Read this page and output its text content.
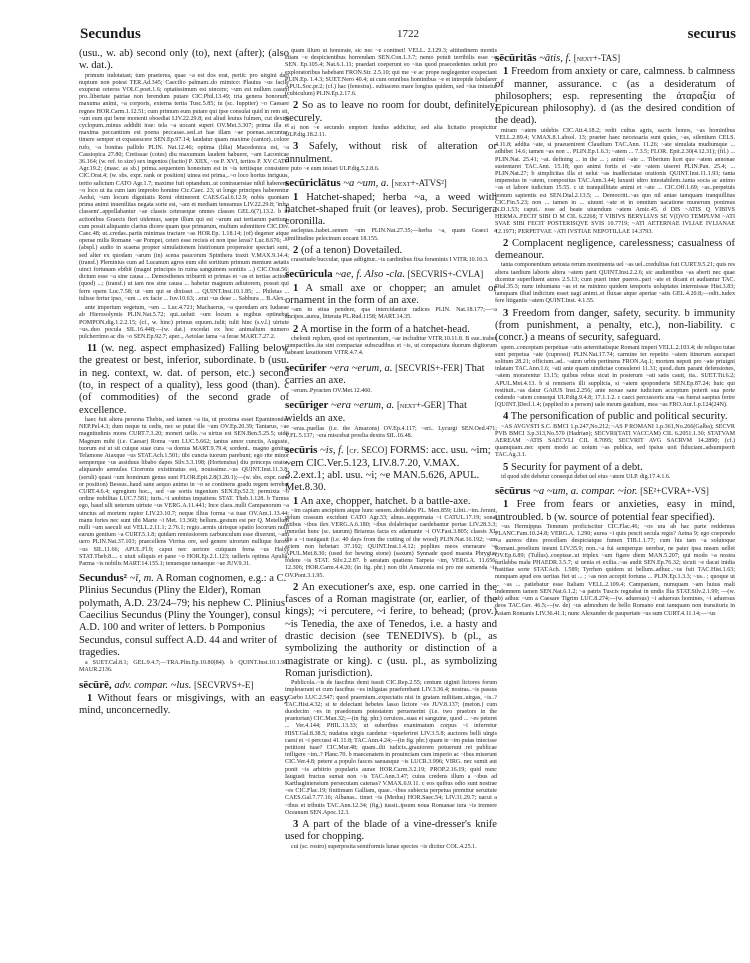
Secundus	1722	securus

(usu., w. ab) second only (to), next (after); (also w. dat.).

primum indotatast; tum praeterea, quae ~a est dos erat, periit: pro uirgini dari nuptum non potest TER.Ad.345; Caecilio palmam..do mimico: Plautus ~us facile exuperat ceteros VOLC.poet.1.6; optatissimum est uincere; ~um est nullum casum pro..libertate patriae non ferendum putare CIC.Phil.13.49; tria genera bonorum, maxuma animi, ~a corporis, externa tertia Tusc.5.85; tu (sc. Iuppiter) ~o Caesare regnes HOR.Carm.1.12.51; cum primum eum putare qui ipse consulat quid in rem sit, ~um eum qui bene monenti oboediat LIV.22.29.8; est aliud leuius fulmen, cui dextra cyclopum..minus addidit irae: tela ~a uocant superi OV.Met.3.307; prima illa et maxima peccantium est poena peccasse..sed..et hae illam ~ae poenae..secuntur, timere semper et expauescere SEN.Ep.97.14; laudatur quam maxime (cantor)..colore rufo, ~a bonitas pallido PLIN. Nat.12.46; optima (lilia) Macedonica est, ~a Cassiopica 27.80; Cretissae (cotes) diu maxumum laudem habuere, ~am Laconicae 36.164; (w. ref. to size) sex ingenios (facito) P. XIIX, ~os P. XVI, tertios P. XV CATO Agr.19.2; (masc. as sb.) prima..sequentem honestum est in ~is tertiisque consistere CIC.Orat.4; (w. sbs. expr. rank or position) uinea est prima,..~o loco hortus inriguus, tertio salictum CATO Agr.1.7; maxime fuit optandum..ut contrauersiae nihil haberent, ~o loco ut ita cum iam improbo homine Cic.Caec. 23; ut longe principes haberentur Aedui, ~um locum dignitatis Remi obtinerent CAES.Gal.6.12.9; nobis quoniam prima animi inuenilitas negata sorte est, ~am et mediam teneamus LIV.22.29.8; 'infra classem'..appellabantur ~ae classis ceteraeque omnes classes GEL.6(7).13.2. b in actionibus Graecis fieri uidemus, saepe illum qui est ~arum aut tertiarum partium, cum possit aliquanto clarius dicere quam ipse primarum, multum submittere CIC.Div. Caec.48; ut..credas..partis minimas tractare ~as HOR.Ep. 1.18.14; (of) degener atque operae milis Romane ~ae Pompei, ceteri esse recisis et non ipse leras? Luc.8.676; —(abspl.) audio in scaena propter simulationem histrionum propensior spectari sunt, sed alter ex quodam ~arum (in) scena paucorum Spinthera traxit V.MAX.9.14.4; (transf.) Pleminius cum ad Lucanum agros eum sibi sortitum primum mentum aetatis uinci fortunam ebibit (magni principes in ruina sanguinem sonitiis ...) CIC.Orat.56; dictum esse ~a sine causa ... Demosthenes tribuerit et primas et ~as et tertias actioni (quod) ...; (transf.) ut iam nos sine causa ... habetur magnum adiutorem, posset qui ferre opem Luc.7.58; ut ~um qui se dixisset ... QUINT.Inst.10.1.85; ... Philetas ... tulisse fertur ipso, ~um ... ex facie ... Iuv.10.63; ..erat ~us deae ... Sabbura ... B.Alex.

ante imperium vegetum, ~um ... Luc.4.721; Machaerus, ~a quondam arx Iudaeae ab Hierosolymis PLIN.Nat.5.72; qui..ueluti ~um locum a regibus optinebat POMPON.dig.1.2.2.15; (cf., w. hinc) primus equum..tulit; tulit hinc (s.v.l.) uirtute ~us..duo pocula SIL.16.448;—(w. dat.) excedat ex hoc animalium numero pulcherrimo ac dis ~o SEN.Ep.92.7; aper.., Aetolae fama ~a ferae MART.7.27.2.

11 (w. neg. aspect emphasized) Falling below the greatest or best, inferior, subordinate. b (usu. in neg. context, w. dat. of person, etc.) second (to, in respect of a quality), less good (than). c (of commodities) of the second grade of excellence.

haec fuit altera persona Thebis, sed tamen ~a ita, ut proxima esset Epaminondae NEP.Pel.4.3; dum neque tu cedis, nec se putat ille ~um OV.Ep.20.39; Tantarus, ~ae magnitudinis mons CURT.7.3.20; moneri uelle..~a uirtus est SEN.Ben.5.25.5; uidit Magnum mihi (i.e. Caesar) Roma ~um LUC.5.662; tantus amor cunctis, Auguste, tuorum est ut sit cuique suae cura ~a domus MART.9.79.4; sordent.. magno genitus Telamone Aiaxque ~us STAT.Ach.1.501; tibi cuncta tuorum parebunt; ego rite minor semperque ~us assiduus libabo dapes Silv.3.3.198; (Hortensius) diu princeps orator, aliquando aemulus Ciceronis existimatus est, nouissime..~us QUINT.Inst.11.3.8; (seruli) quasi ~um hominum genus sunt FLOR.Epit.2.8(3.20.1);—(w. sbs. expr. rank or position) Bessus..haud sane aequo animo in ~o se continens gradu regem terrebat CURT.4.6.4; egregium hoc.., sed ~ae sortis ingenium SEN.Ep.52.3; permixta ~o ordine nobilitas LUC.7.581; iuris..~i ambitus impatiens STAT. Theb.1.128. b Turnus ego, haud ulli ueterum uirtute ~us VERG.A.11.441; Ince clara..nulli Campanorum ~a uinctus ad mortem rapior LIV.23.10.7; neque illius forma ~a tuae OV.Am.1.13.44; manu fortes nec sunt tibi Marte ~i Met. 13.360; bellum..gestum est per Q. Metellum nulli ~um saeculi sui VELL.2.11.1; 2.76.1; regio..armis uirisque spatio locorum nulli earum gentium ~a CURT.5.1.8; quidam remissiorem carbunculum esse dixerunt, ~am uero PLIN.Nat.37.103; praecellens Virrius ore, sed genere uirorum nullique furore ~us SIL.11.66; APUL.Fl.9; caput nec ueriore cuiquam frena ~us Halys STAT.Theb.8.... c uiuit siliquis et pane ~o HOR.Ep.2.1.123; uelleris optima Apulia, Parma ~is nobilis MART.14.155.1; tenuesque uenaeque ~ae JUV.9.31.

Secundus² ~ī, m. A Roman cognomen, e.g.: a C. Plinius Secundus (Pliny the Elder), Roman polymath, A.D. 23/24–79; his nephew C. Plinius Caecilius Secundus (Pliny the Younger), consul A.D. 100 and writer of letters. b Pomponius Secundus, consul suffect A.D. 44 and writer of tragedies.

a SUET.Cal.8.1; GEL.9.4.7;—TRA.Plin.Ep.10.80(84). b QUINT.Inst.10.1.98; MAUR.2136.

sēcūrē, adv. compar. ~lus. [SECVRVS+-E]

1 Without fears or misgivings, with an easy mind, unconcernedly.

quam illum ut honorate, sic nec ~e continet! VELL. 2.129.3; altitudinem montis etiam ~e despicientibus horrendam SEN.Con.1.3.7; nemo potuit terribilis esse ~e SEN. Ep.105.4; Nat.6.1.11; praedari coeperunt eo ~ius quod praecedentes ueluti pro exploratoribus habebant FRON.Str. 2.5.10; qui me ~e ac prope neglegenter exspectant PLIN.Ep. 1.4.3; SUET.Nero 40.4; ut cum omnibus hominibus ~e et intrepide fabularer APUL.Soc.pr.2; (cf.) hac (fenestra).. subiacens mare longius quidem, sed ~ius intuetur (cubiculum) PLIN.Ep.2.17.6.

2 So as to leave no room for doubt, definitely, securely.

si non ~e secundo emptori fundus addicitur, sed alia licitatio prospicitur ULP.dig.18.2.11.

3 Safely, without risk of alteration or annulment.

puto ~e eum testari ULP.dig.5.2.8.6.

secūriclātus ~a ~um, a. [next+-ATVS²]

1 Hatchet-shaped; herba ~a, a weed with hatchet-shaped fruit (or leaves), prob. Securigera coronilla.

asclepias..habet..semen ~um PLIN.Nat.27.35;—herba ~a, quam Graeci a similitudine pelecinum uocant 18.155.

2 (of a tenon) Dovetailed.

crassitudo buccular, quae adfigitur..~is cardinibus fixa foraminis I VITR.10.10.3.

secūricula ~ae, f. Also -cla. [SECVRIS+-CVLA]

1 A small axe or chopper; an amulet or ornament in the form of an axe.

~am in stiua pendere, qua intercidantur radices PLIN. Nat.18.177;—~a ancipes..aurea, litterata PL.Rud.1158; MART.14.35.

2 A mortise in the form of a hatchet-head.

chelonii replum, quod est operimentum, ~ae includitur VITR.10.11.8. B eae..trabes compactiles..ita sint compactae subscudibus et ~is, ut compactura duorum digitorum habeant laxationem VITR.4.7.4.

secūrifer ~era ~erum, a. [SECVRIS+-FER] That carries an axe.

~erum..Pyracten OV.Met.12.460.

secūriger ~era ~erum, a. [next+-GER] That wields an axe.

~eras..puellas (i.e. the Amazons) OV.Ep.4.117; ~eri.. Lycurgi SEN.Oed.471; V.FL.5.137; ~era miscebat proelia dextra SIL.16.48.

secūris ~is, f. [cf. SECO] FORMS: acc. usu. ~im; ~em CIC.Ver.5.123, LIV.8.7.20, V.MAX. 3.2.ext.1; abl. usu. ~i; ~e MAN.5.626, APUL. Met.8.30.

1 An axe, chopper, hatchet. b a battle-axe.

~im capiam ancipitem atque hunc senem..dedolabo PL. Men.859; Libii..~im..ferunt, gelum crassum excidunt CATO Agr.33; alnus..suppernata ~i CATUL.17.19; sonat ictibus ~ibus ilex VERG.A.6.180; ~ibus dolabrisque caedebantur portae LIV.28.3.3; immolat hunc (sc. taurum) Briareus facta ex adamante ~i OV.Fast.3.805; classis XL die a ~i nauigauit (i.e. 40 days from the cutting of the wood) PLIN.Nat.16.192; ~um aciem non hebetari 37.192; QUINT.Inst.1.4.12; poplites meos enerarare ~e APUL.Met.8.30; (used for hewing stone) (saxum) Synnade quod maesta Phrygiae fodere ~is STAT. Silv.2.2.87. b aeratam quatiens Tarpeia ~im, VERG.A. 11.656; 12.306; HOR.Carm.4.4.20; (in fig. phr.) non tibi Amazonia est pro me sumenda ~is OV.Pont.3.1.95.

2 An executioner's axe, esp. one carried in the fasces of a Roman magistrate (or, earlier, of the kings); ~i percutere, ~i ferire, to behead; (prov.) ~is Tenedia, the axe of Tenedos, i.e. a hasty and drastic decision (see TENEDIVS). b (pl., as symbolizing the authority or distinction of a magistrate or king). c (usu. pl., as symbolizing Roman jurisdiction).

Publicola..~is de fascibus demi iussit CIC.Rep.2.55; centum uiginti lictores forum impleuerant et cum fascibus ~es inligatas praeferebant LIV.3.36.4; nostras..~is passus ..Carbo LUC.2.547; quod praemium..expectatis nisi in gratam militiam..uirgas, ~is..? TAC.Hist.4.32; si te delectant hebetes lasso lictore ~es JUV.8.137; (meton.) cum duodecim ~es in praedonum potestatem peruenerint (i.e. two praetors in the praetorian) CIC.Man.32;—(in fig. phr.) ceruices..suas et sanguine, quod ... ~es peteret ... Ver.4.144; PHIL.13.33; ut suberibus exanimatum corpus ~i inferretur HIST.Gal.8.38.5; nudatus uirgis caedetur ~iqueferiret LIV.3.5.8; auctores belli uirgis caesi et ~i percussi 41.11.8; TAC.Ann.4.24;—(in fig. phr.) quam te ~im putas iniecisse petitioni tuae? CIC.Mur.48; quam..ilii iudicis..grauiorem potuerunt rei publicae infligere ~im..? Planc.70. b maecenatem in prouinciam cum imperio ac ~ibus miserunt CIC.Ver.4.8; petere a populo fasces saeuasque ~is LUCR.3.996; VIRG. nec sumit aut ponit ~is arbitrio popularis aurae HOR.Carm.3.2.19; PROP.2.16.19; quid nunc Iaugusti fructus sumat non ~is TAC.Ann.3.47; cuius credens illum a ~ibus ad Karthaginiensium persecutam catenas? V.MAX.6.9.11. c eos quibus odio sunt nostrae ~es CIC.Flac.19; finitimam Galliam, quae..~ibus subiecta perpetua premitur seruitute CAES.Gal.7.77.16; Albanas.. timet ~is (Medus) HOR.Saec.54; LIV.31.29.7; uacui a ~ibus et tributis TAC.Ann.12.34; (fig.) iussit..ipsum noua Romanae iura ~is tremere Oceanum SEN.Apoc.12.3.

3 A part of the blade of a vine-dresser's knife used for chopping.

cui (sc. rostro) superposita semiformis lunae species ~is dicitur COL.4.25.1.

sēcūritās ~ātis, f. [next+-TAS]

1 Freedom from anxiety or care, calmness. b calmness of manner, assurance. c (as a desideratum of philosophers; esp. representing the ἀταραξία of Epicurean philosophy). d (as the desired condition of the dead).

miram ~atem uidebis CIC.Att.4.18.2; redit cultus agris, sacris honos, ~as hominibus VELL.2.89.4; V.MAX.8.1.absol. 13; praeter haec necessaria sunt quies, ~as, silentium CELS. 4.11.8; addita ~ate, si praeuenirent Claudium TAC.Ann. 11.26; ~ate simulata mudiumque ... adhibet 14.6; tamen ~as non ... PLIN.Ep.1.6.3; ~atem ... 7.3.5; FLOR. Epit.2.30(4.12.31); (fil.) ... PLIN.Nat. 25.41; ~at. defining ... in the ... ; animi ~ate ... Tiberium licet quo ~atem annonae sustentaret TAC.Ann. 15.18; quo animi fortis et ~ate ~atem uiseret PLIN.Pan. 25.4; ... PLIN.Nat.27; b simplicitas illa et uelut ~as inadfectatae orationis QUINT.Inst.11.1.93; tanta impensius in ~atem, compositus TAC.Ann.3.44; luxusti ultro intestabilem..tanta socia ac animo ~as et labore iudicium 15.55. c ut tranquillitate animi et ~ate ... CIC.Off.1.69; ~as..perpetuis bonum sapientis est SEN.Dial.2.13.5; ... Democriti..~as quo nil antae tamquam tranquillitas CIC.Fin.5.23; non ... tamen in ... uiuunt ~ate et in omnium uacatione munerum ponimus N.D.1.53; caput.. esse ad beate uiuendum ~atem Amic.45. d DIS ~ATIS Q VIBIVS HERMA..FECIT SIBI D M CIL 6.2268; T VIBIVS BERYLLVS SE V(I)VO TEMPLVM ~ATI SVAE SIBI FECIT POSTERISQVE SVIS 10.7719; ~ATI AETERNAE IVLIAE IVLIANAE 12.1971; PERPETVAE ~ATI IVSTIAE NEPOTILLAE 14.3793.

2 Complacent negligence, carelessness; casualness of demeanour.

tanta componentium uetusta rerum monimenta uel ~as uel..credulitas fuit CURT.9.5.21; quis res altera taedium laboris altera ~atem parit QUINT.Inst.2.2.6; sic audientibus ~as aberit nec quae dicentur superfluent aures 2.5.13; cum pueri inter pueros..pari ~ate et dicant et audiantur TAC. Dial.35.3; nunc inhumana ~as et ne minimo quidem temporis uoluptates intermissae Hist.3.83; tamquam illud indicium esset uagi animi..et fluxae atque apertae ~atis GEL.4.20.8;—odit..iudex fere litigantis ~atem QUINT.Inst. 4.1.55.

3 Freedom from danger, safety, security. b immunity (from punishment, a penalty, etc.), non-liability. c (concr.) a means of security, safeguard.

spem..conceptam perpetuae ~atis aeternitatisque Romani imperi VELL.2.103.4; de reliquo tutae sunt perpetua ~ate (cupressi) PLIN.Nat.17.74; carmine ter repetito ~atem itinerum aucupari solitum 28.21; officium..ad.. ~atem urbis pertinens FRON.Aq.1; mortem nepoti pro ~ate priuigni inlatam TAC.Ann.1.6; ~ati ante quam uindictae consuleret 11.31; quod..dum parant defensiones, ~atem morarentur 13.15; quibus rebus sicut in posterum ~ati satis cauit, ita.. SUET.Tit.6.2; APUL.Met.4.13. b si remiseris illi supplicia, si ~atem spoponderis SEN.Ep.87.24; huic qui restituit..~as datur GAIUS Inst.2.256; ante noxae sane iudicium acceptum poterit sua porte cedendo ~atem consequi ULP.dig.9.4.8; 17.1.1.2. c caeci percussoris una ~as fuerat saepius ferire [QUINT.]Decl.1.4; (applied to a person) uale meum gaudium, mea ~as FRO.Aur.1.p.124(24N).

4 The personification of public and political security.

~AS AVGVSTI S.C. BMCI 1.p.247,No.212; ~AS P ROMANI 1.p.361,No.266(Galba); SECVR PVB BMCI 3.p.313,No.570 (Hadrian); SECVRI(TATI VACCAM) CIL 6.2051.1.30; STATVAM AEREAM ~ATIS SAECVLI CIL 8.7095; SECVRIT AVG SACRVM 14.2890; (cf.) quamquam..nec spem modo ac uotum ~as publica, sed ipsius uoti fiduciam..adsumpserit TAC.Ag.3.1.

5 Security for payment of a debt.

id quod sibi debetur consequi debet uel eius ~atem ULP. dig.17.4.1.6.

sēcūrus ~a ~um, a. compar. ~ior. [SE²+CVRA+-VS]

1 Free from fears or anxieties, easy in mind, untroubled. b (w. source of potential fear specified).

~us Hermippus Temnum proficiscitur CIC.Flac.46; ~os ura ab hac parte reddemus PLANC.Fam.10.24.8; VERG.A. 1.290; aurea ~i quis pescit secula regis? Aetna 9; ego coepondo ~a aureos dites procellam despiciatque fumen TIB.1.1.77; cum his tam ~a solutoque Romani..proelium ineunt LIV.35.9; non..~a fui semperque uerebar, ne pater ipsa meam uellet OV.Ep.6.89; (Tullus)..coepisse..ut triplex ~am figere diem MAN.5.207; qui modo ~a nostra iurilabba mala PHAEDR.3.5.7; si uenia et exilia..~as audit SEN.Ep.76.32; sicuti ~e dacat inidia iustitiae sorte STAT.Ach. 1.589; Tyrrhen quidem ut bellum..adhuc..~us fuit TAC.Hist.1.63; nunquam apud eos ueritas fiet ut ... ; ~as non accepit fortuna ... PLIN.Ep.1.3.3; ~us.. ; quoque ut ... ~as ... patiebatur esse Italiam VELL.2.109.4; Campaniam, numquam ~am huius mali indemnem tamen SEN.Nat.6.1.2; ~a patris Tuscis regnabat in undis Ilia STAT.Silv.2.1.99; —(w. ab) adhuc ~um a Caesare Tigrim LUC.8.274;—(w. aduersus) ~i aduersus homines, ~i aduersus deos TAC.Ger. 46.5;—(w. de) ~us admodum de bello Romano erat tamquam non transituris in Asiam Romanis LIV.36.41.1; nunc Alexander de paupertate ~us sum CURT.4.11.14;—~us
